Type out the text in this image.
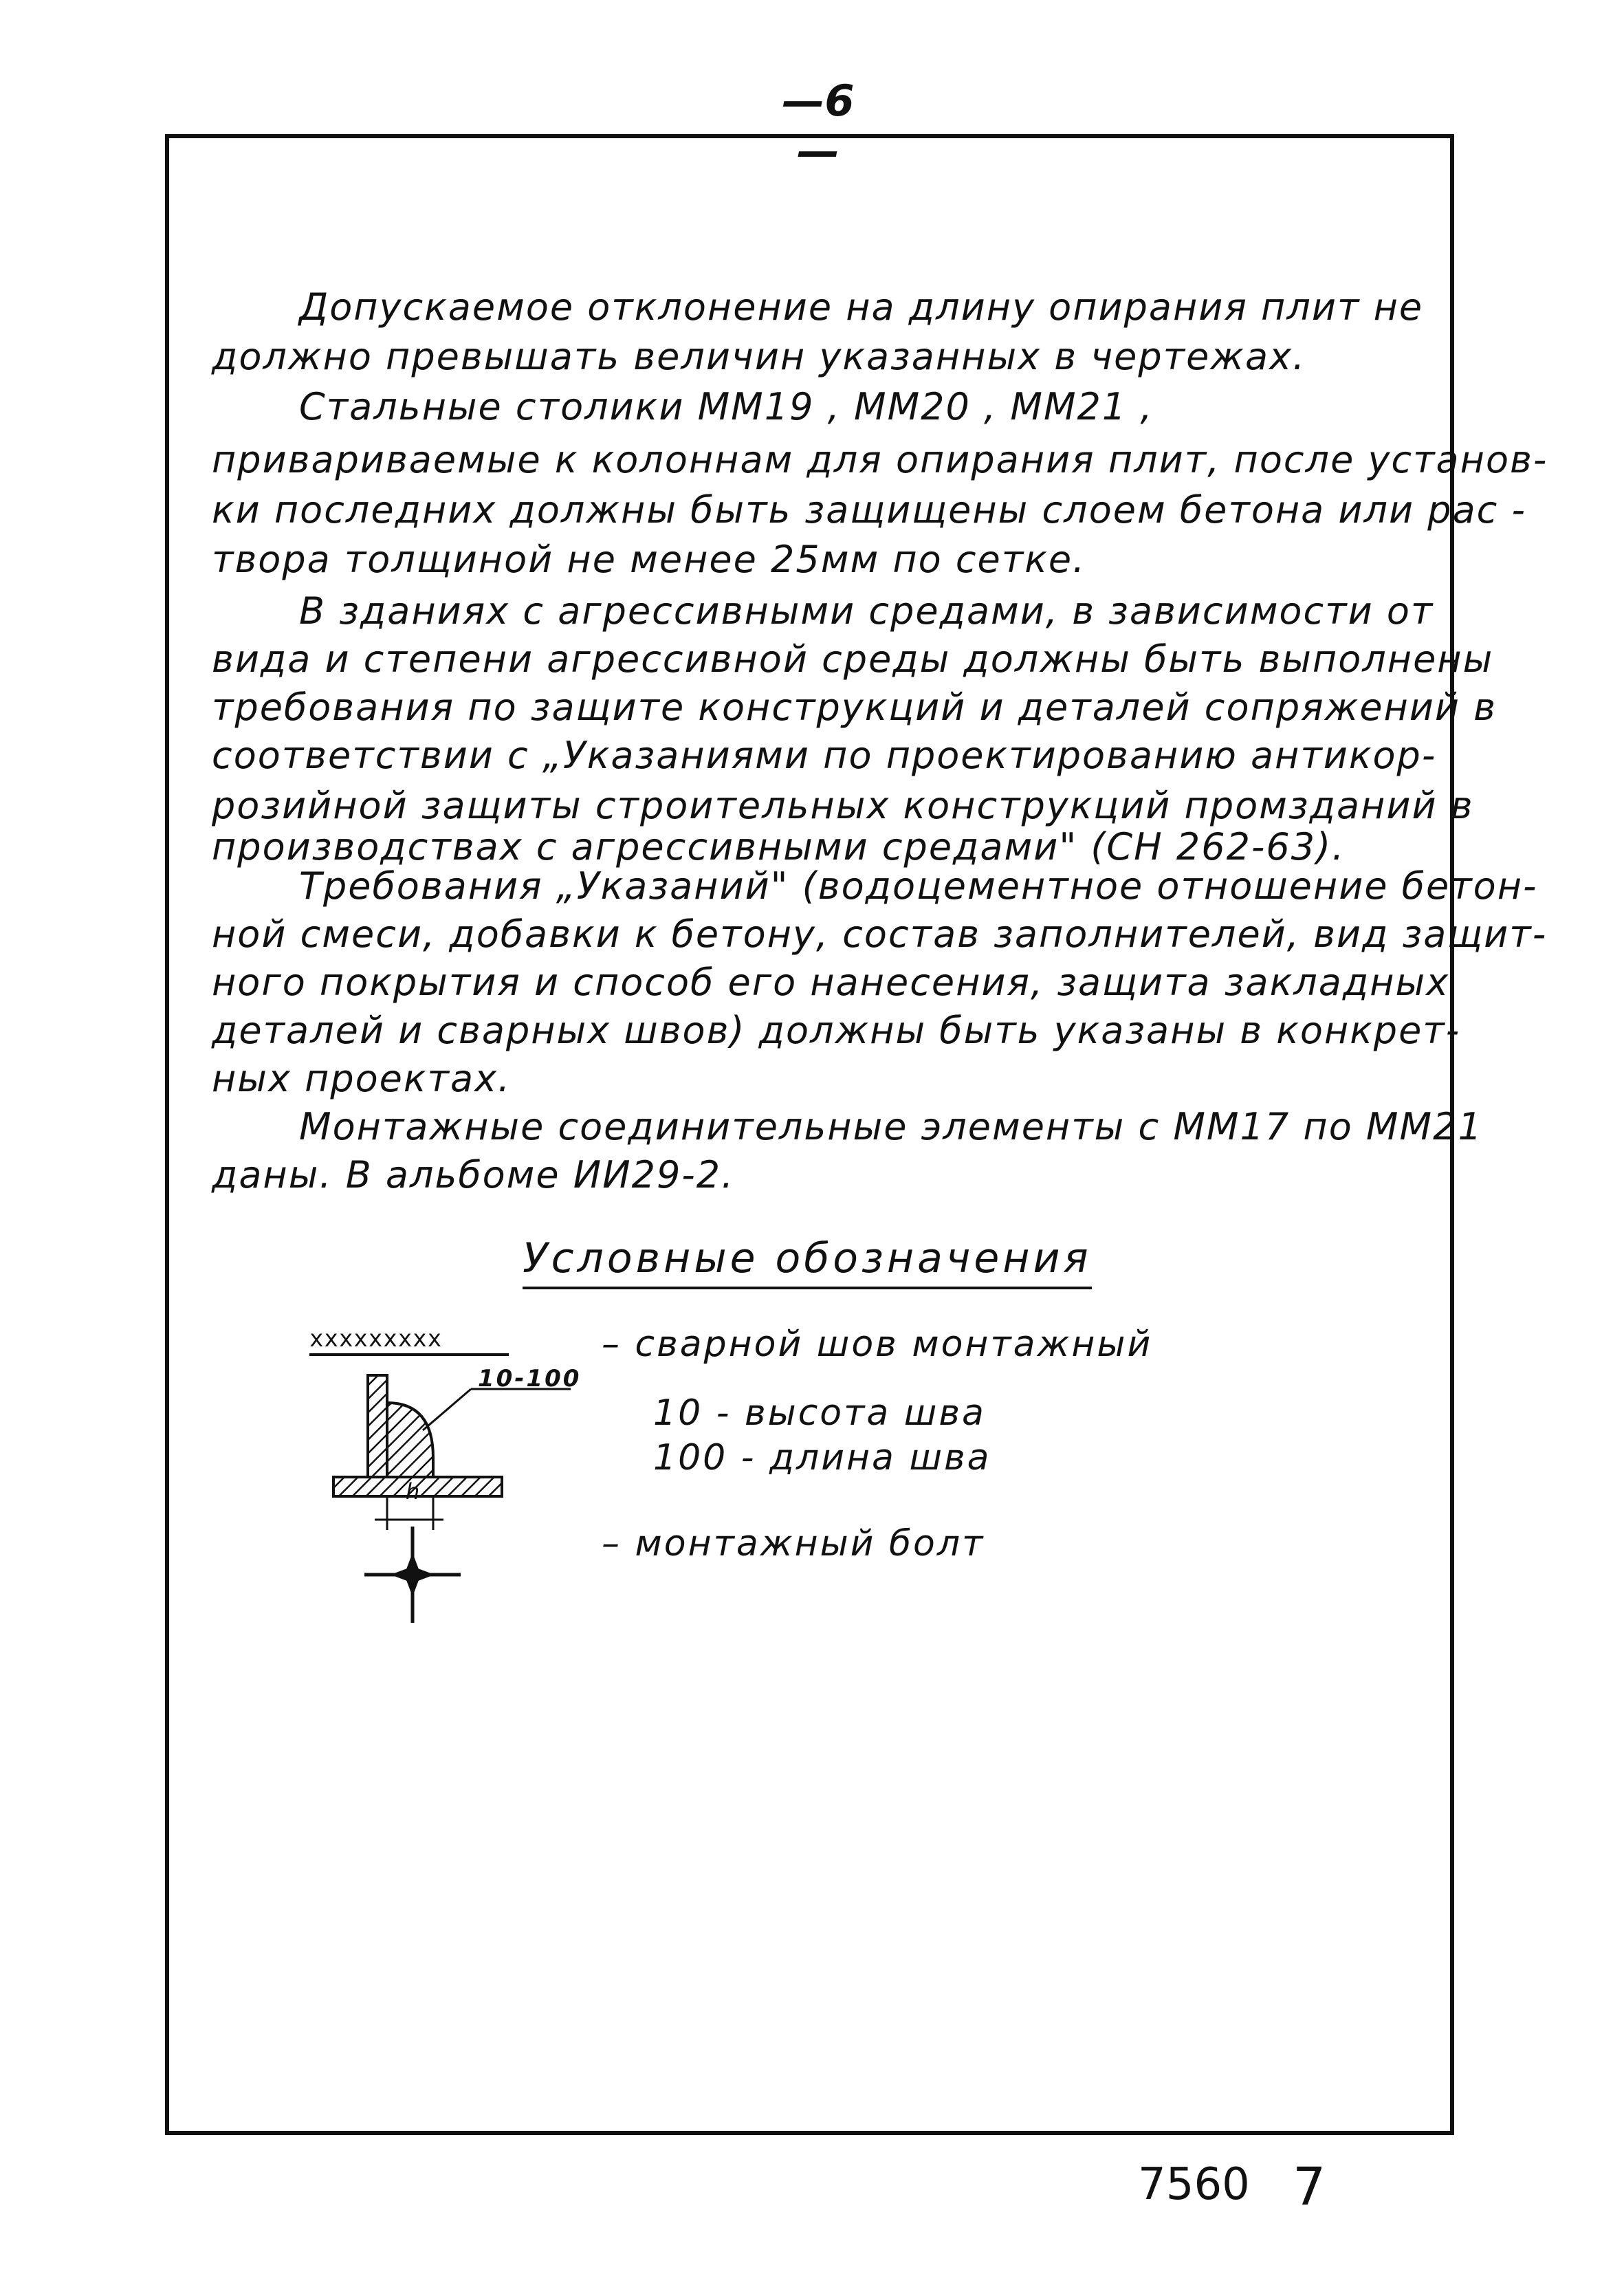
—6—
Допускаемое отклонение на длину опирания плит не
должно превышать величин указанных в чертежах.
Стальные столики ММ19 , ММ20 , ММ21 ,
привариваемые к колоннам для опирания плит, после установ-
ки последних должны быть защищены слоем бетона или рас -
твора толщиной не менее 25мм по сетке.
В зданиях с агрессивными средами, в зависимости от
вида и степени агрессивной среды должны быть выполнены
требования по защите конструкций и деталей сопряжений в
соответствии с „Указаниями по проектированию антикор-
розийной защиты строительных конструкций промзданий в
производствах с агрессивными средами" (СН 262-63).
Требования „Указаний" (водоцементное отношение бетон-
ной смеси, добавки к бетону, состав заполнителей, вид защит-
ного покрытия и способ его нанесения, защита закладных
деталей и сварных швов) должны быть указаны в конкрет-
ных проектах.
Монтажные соединительные элементы с ММ17 по ММ21
даны. В альбоме ИИ29-2.
Условные обозначения
xxxxxxxxx
10-100
h
– сварной шов монтажный
10 - высота шва
100 - длина шва
– монтажный болт
7560 7
